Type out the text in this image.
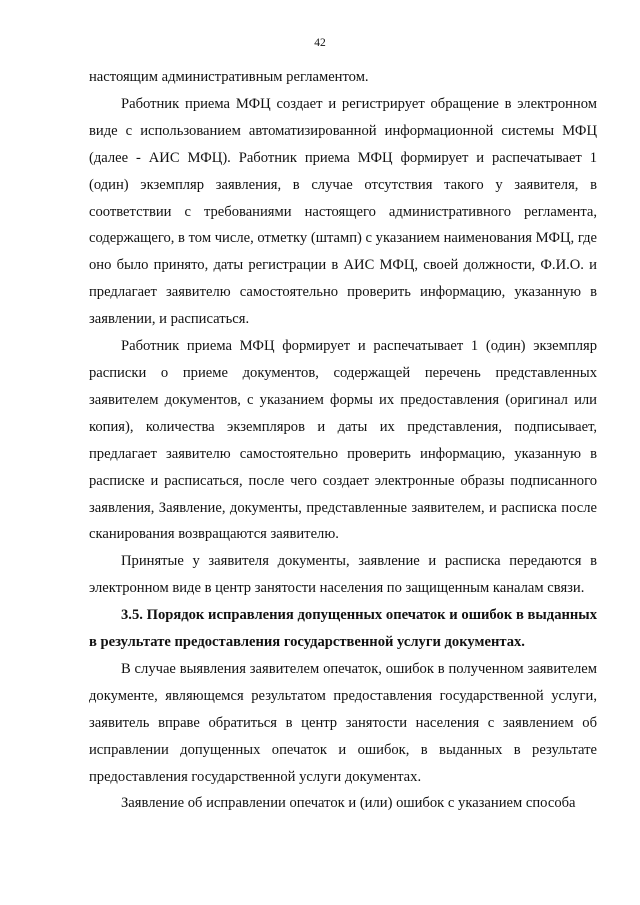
42

настоящим административным регламентом.

Работник приема МФЦ создает и регистрирует обращение в электронном виде с использованием автоматизированной информационной системы МФЦ (далее - АИС МФЦ). Работник приема МФЦ формирует и распечатывает 1 (один) экземпляр заявления, в случае отсутствия такого у заявителя, в соответствии с требованиями настоящего административного регламента, содержащего, в том числе, отметку (штамп) с указанием наименования МФЦ, где оно было принято, даты регистрации в АИС МФЦ, своей должности, Ф.И.О. и предлагает заявителю самостоятельно проверить информацию, указанную в заявлении, и расписаться.

Работник приема МФЦ формирует и распечатывает 1 (один) экземпляр расписки о приеме документов, содержащей перечень представленных заявителем документов, с указанием формы их предоставления (оригинал или копия), количества экземпляров и даты их представления, подписывает, предлагает заявителю самостоятельно проверить информацию, указанную в расписке и расписаться, после чего создает электронные образы подписанного заявления, Заявление, документы, представленные заявителем, и расписка после сканирования возвращаются заявителю.

Принятые у заявителя документы, заявление и расписка передаются в электронном виде в центр занятости населения по защищенным каналам связи.

3.5. Порядок исправления допущенных опечаток и ошибок в выданных в результате предоставления государственной услуги документах.

В случае выявления заявителем опечаток, ошибок в полученном заявителем документе, являющемся результатом предоставления государственной услуги, заявитель вправе обратиться в центр занятости населения с заявлением об исправлении допущенных опечаток и ошибок, в выданных в результате предоставления государственной услуги документах.

Заявление об исправлении опечаток и (или) ошибок с указанием способа
